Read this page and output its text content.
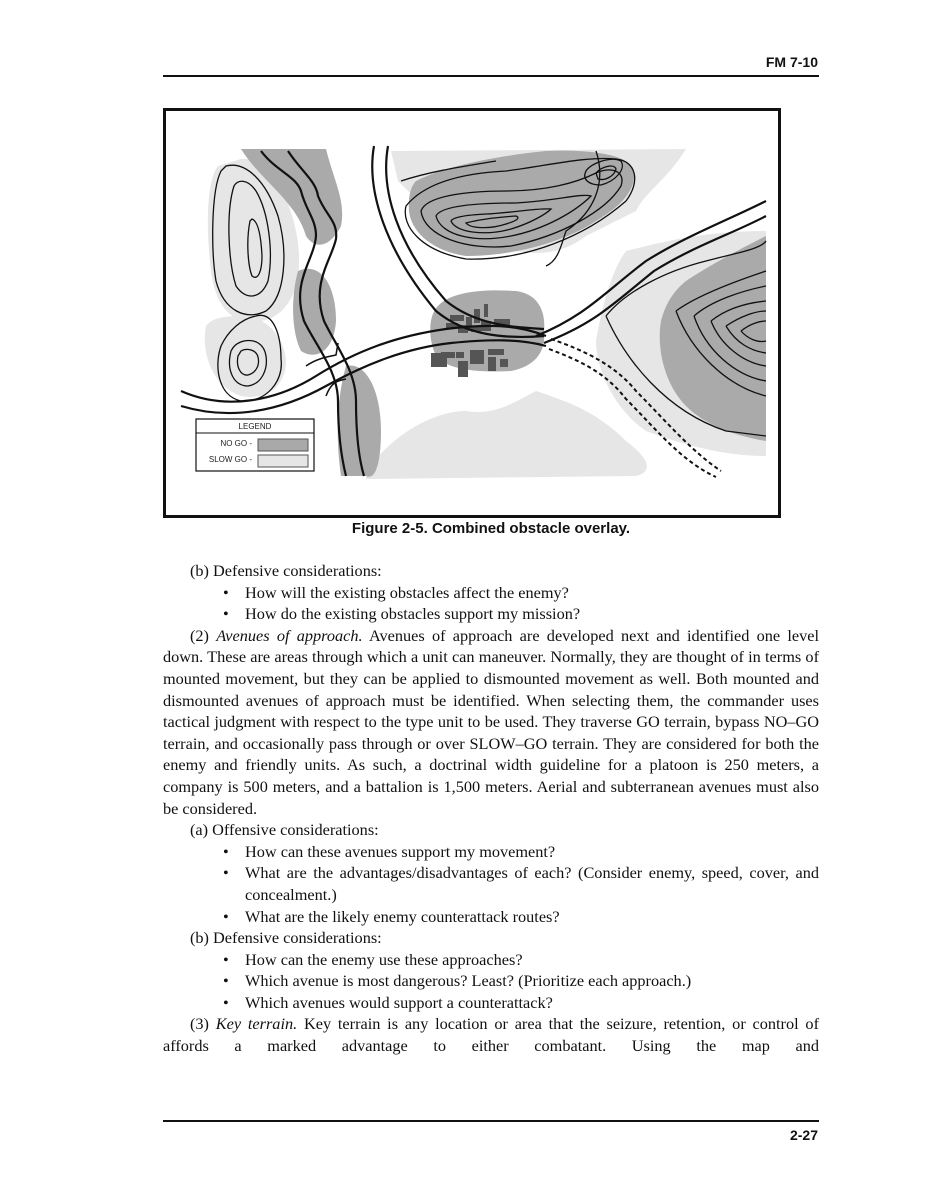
FM 7-10
LEGEND
NO GO -
SLOW GO -
Figure 2-5. Combined obstacle overlay.

(b) Defensive considerations:

• How will the existing obstacles affect the enemy?

• How do the existing obstacles support my mission?

(2) Avenues of approach. Avenues of approach are developed next and identified one level down. These are areas through which a unit can maneuver. Normally, they are thought of in terms of mounted movement, but they can be applied to dismounted movement as well. Both mounted and dismounted avenues of approach must be identified. When selecting them, the commander uses tactical judgment with respect to the type unit to be used. They traverse GO terrain, bypass NO–GO terrain, and occasionally pass through or over SLOW–GO terrain. They are considered for both the enemy and friendly units. As such, a doctrinal width guideline for a platoon is 250 meters, a company is 500 meters, and a battalion is 1,500 meters. Aerial and subterranean avenues must also be considered.

(a) Offensive considerations:

• How can these avenues support my movement?

• What are the advantages/disadvantages of each? (Consider enemy, speed, cover, and concealment.)

• What are the likely enemy counterattack routes?

(b) Defensive considerations:

• How can the enemy use these approaches?

• Which avenue is most dangerous? Least? (Prioritize each approach.)

• Which avenues would support a counterattack?

(3) Key terrain. Key terrain is any location or area that the seizure, retention, or control of affords a marked advantage to either combatant. Using the map and

2-27
